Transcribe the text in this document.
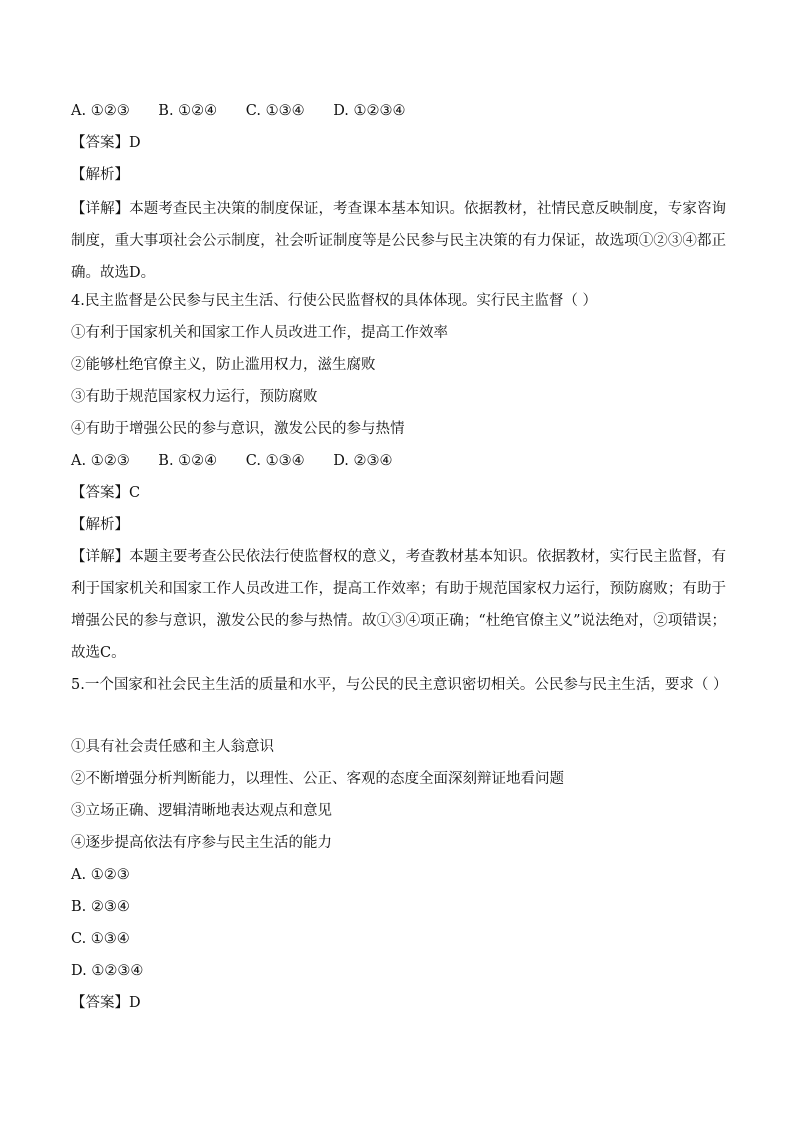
A. ①②③ B. ①②④ C. ①③④ D. ①②③④
【答案】D
【解析】
【详解】本题考查民主决策的制度保证，考查课本基本知识。依据教材，社情民意反映制度，专家咨询制度，重大事项社会公示制度，社会听证制度等是公民参与民主决策的有力保证，故选项①②③④都正确。故选D。
4.民主监督是公民参与民主生活、行使公民监督权的具体体现。实行民主监督（ ）
①有利于国家机关和国家工作人员改进工作，提高工作效率
②能够杜绝官僚主义，防止滥用权力，滋生腐败
③有助于规范国家权力运行，预防腐败
④有助于增强公民的参与意识，激发公民的参与热情
A. ①②③ B. ①②④ C. ①③④ D. ②③④
【答案】C
【解析】
【详解】本题主要考查公民依法行使监督权的意义，考查教材基本知识。依据教材，实行民主监督，有利于国家机关和国家工作人员改进工作，提高工作效率；有助于规范国家权力运行，预防腐败；有助于增强公民的参与意识，激发公民的参与热情。故①③④项正确；“杜绝官僚主义”说法绝对，②项错误；故选C。
5.一个国家和社会民主生活的质量和水平，与公民的民主意识密切相关。公民参与民主生活，要求（ ）
①具有社会责任感和主人翁意识
②不断增强分析判断能力，以理性、公正、客观的态度全面深刻辩证地看问题
③立场正确、逻辑清晰地表达观点和意见
④逐步提高依法有序参与民主生活的能力
A. ①②③
B. ②③④
C. ①③④
D. ①②③④
【答案】D
